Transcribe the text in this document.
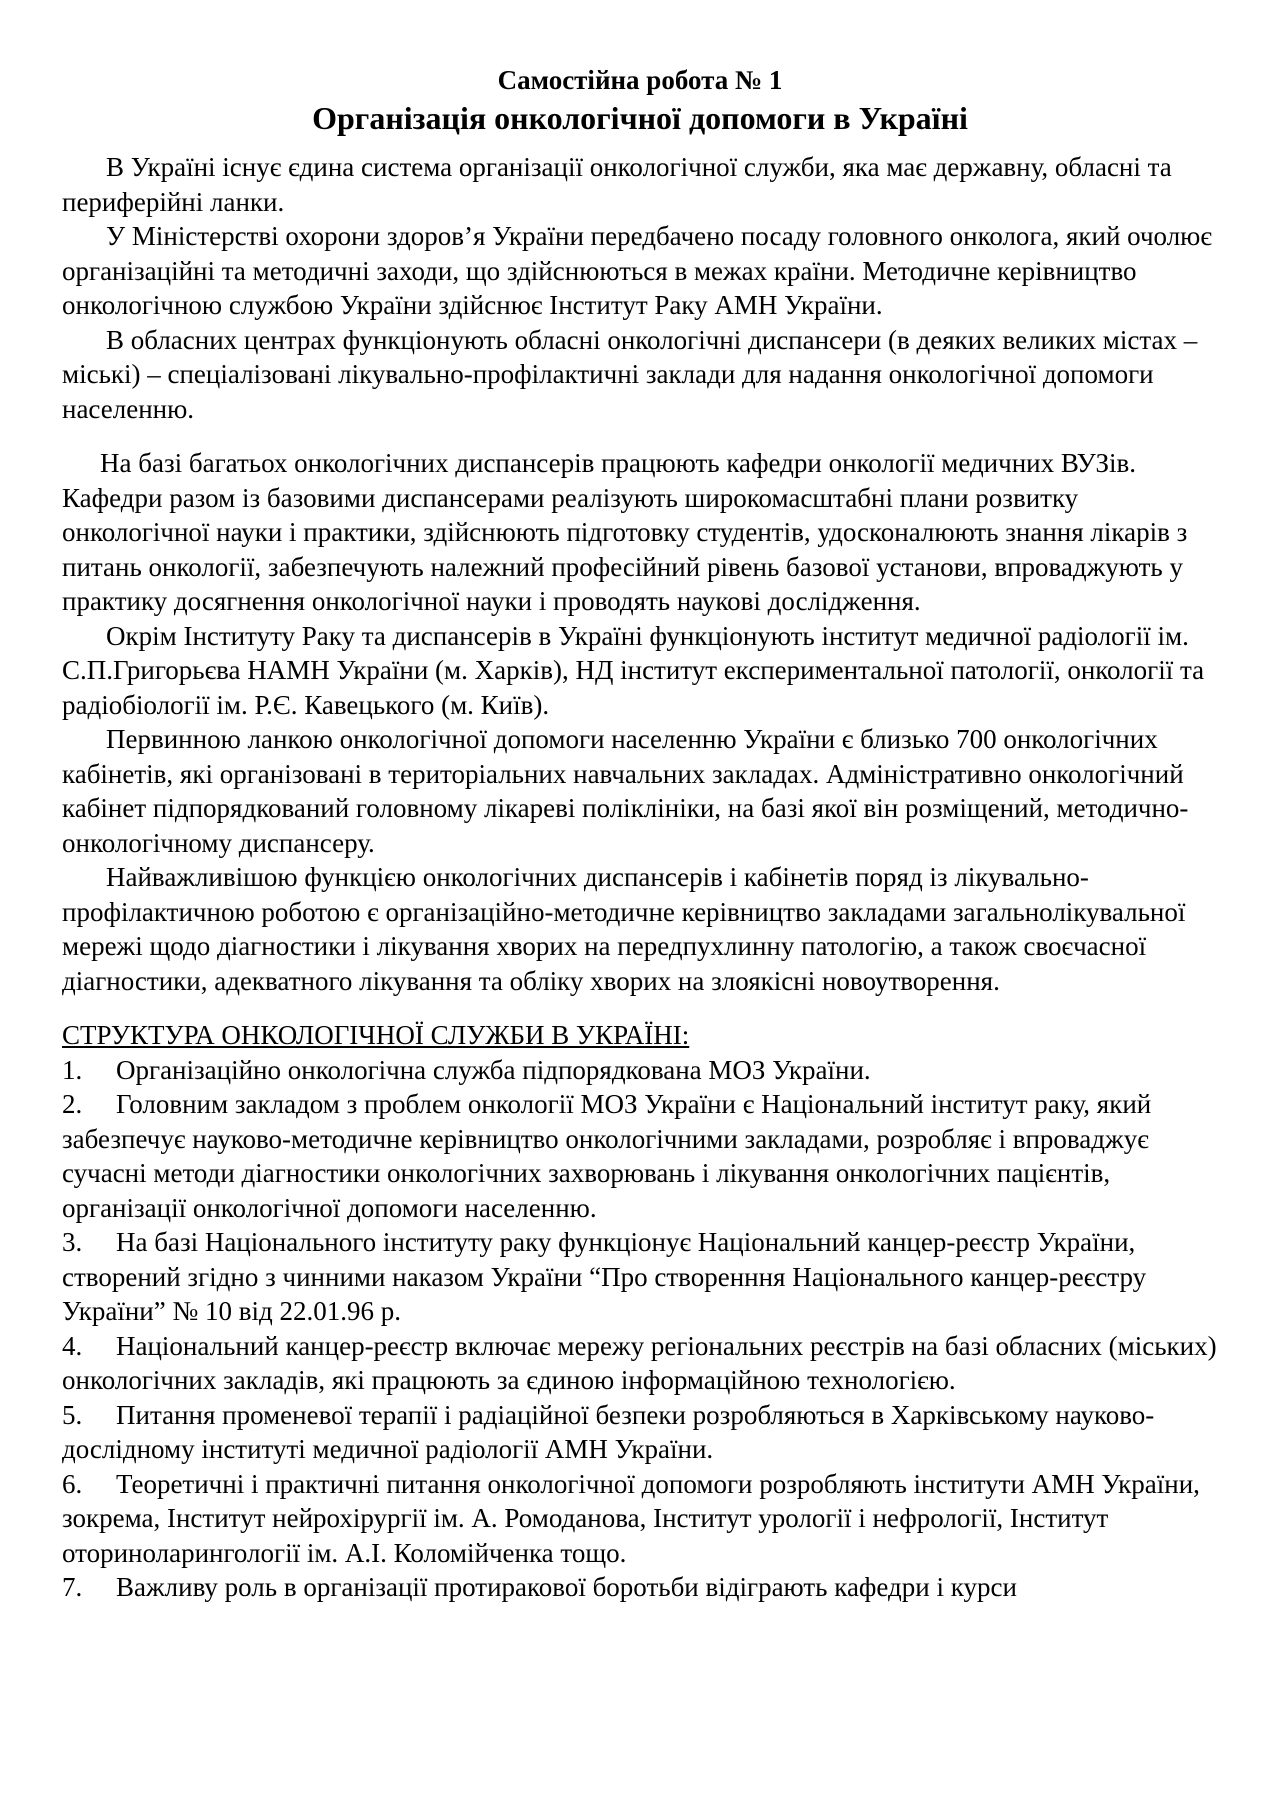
Самостійна робота № 1
Організація онкологічної допомоги в Україні

В Україні існує єдина система організації онкологічної служби, яка має державну, обласні та периферійні ланки.

У Міністерстві охорони здоров’я України передбачено посаду головного онколога, який очолює організаційні та методичні заходи, що здійснюються в межах країни. Методичне керівництво онкологічною службою України здійснює Інститут Раку АМН України.

В обласних центрах функціонують обласні онкологічні диспансери (в деяких великих містах – міські) – спеціалізовані лікувально-профілактичні заклади для надання онкологічної допомоги населенню.

На базі багатьох онкологічних диспансерів працюють кафедри онкології медичних ВУЗів. Кафедри разом із базовими диспансерами реалізують широкомасштабні плани розвитку онкологічної науки і практики, здійснюють підготовку студентів, удосконалюють знання лікарів з питань онкології, забезпечують належний професійний рівень базової установи, впроваджують у практику досягнення онкологічної науки і проводять наукові дослідження.

Окрім Інституту Раку та диспансерів в Україні функціонують інститут медичної радіології ім. С.П.Григорьєва НАМН України (м. Харків), НД інститут експериментальної патології, онкології та радіобіології ім. Р.Є. Кавецького (м. Київ).

Первинною ланкою онкологічної допомоги населенню України є близько 700 онкологічних кабінетів, які організовані в територіальних навчальних закладах. Адміністративно онкологічний кабінет підпорядкований головному лікареві поліклініки, на базі якої він розміщений, методично-онкологічному диспансеру.

Найважливішою функцією онкологічних диспансерів і кабінетів поряд із лікувально-профілактичною роботою є організаційно-методичне керівництво закладами загальнолікувальної мережі щодо діагностики і лікування хворих на передпухлинну патологію, а також своєчасної діагностики, адекватного лікування та обліку хворих на злоякісні новоутворення.

СТРУКТУРА ОНКОЛОГІЧНОЇ СЛУЖБИ В УКРАЇНІ:
1. Організаційно онкологічна служба підпорядкована МОЗ України.
2. Головним закладом з проблем онкології МОЗ України є Національний інститут раку, який забезпечує науково-методичне керівництво онкологічними закладами, розробляє і впроваджує сучасні методи діагностики онкологічних захворювань і лікування онкологічних пацієнтів, організації онкологічної допомоги населенню.
3. На базі Національного інституту раку функціонує Національний канцер-реєстр України, створений згідно з чинними наказом України “Про створенння Національного канцер-реєстру України” № 10 від 22.01.96 р.
4. Національний канцер-реєстр включає мережу регіональних реєстрів на базі обласних (міських) онкологічних закладів, які працюють за єдиною інформаційною технологією.
5. Питання променевої терапії і радіаційної безпеки розробляються в Харківському науково-дослідному інституті медичної радіології АМН України.
6. Теоретичні і практичні питання онкологічної допомоги розробляють інститути АМН України, зокрема, Інститут нейрохірургії ім. А. Ромоданова, Інститут урології і нефрології, Інститут оториноларингології ім. А.І. Коломійченка тощо.
7. Важливу роль в організації протиракової боротьби відіграють кафедри і курси
